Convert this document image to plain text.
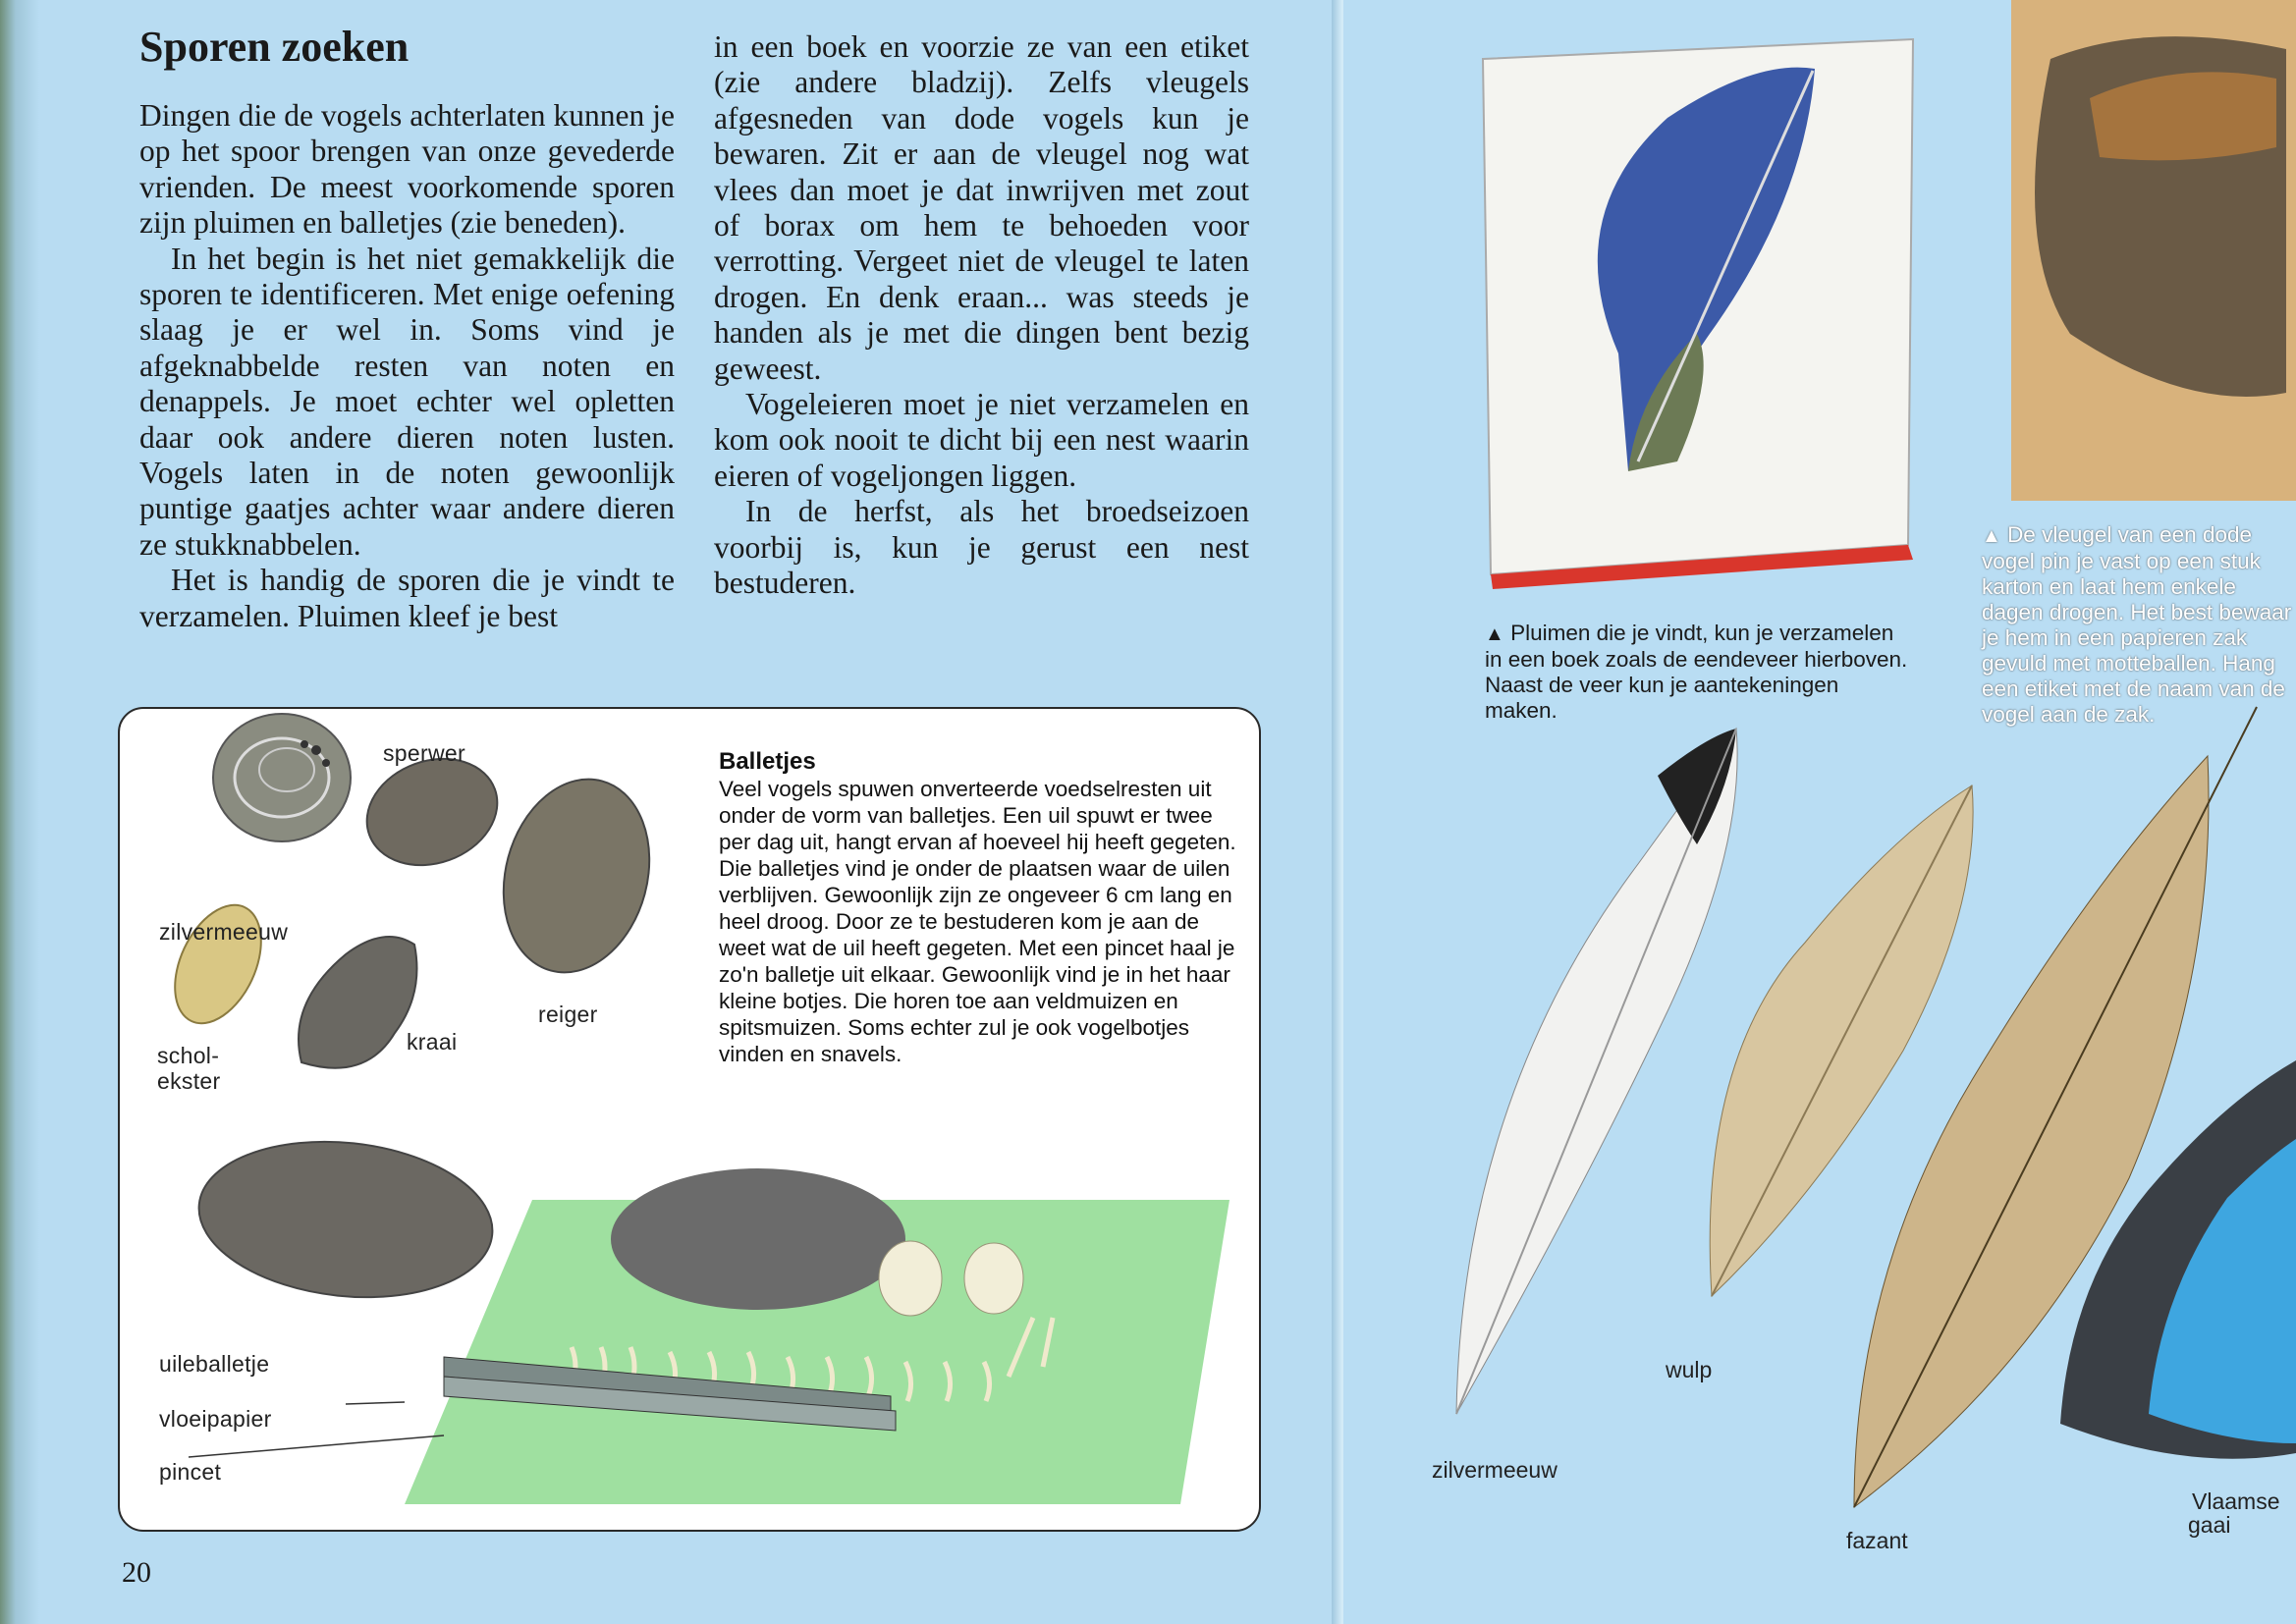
Sporen zoeken

Dingen die de vogels achterlaten kunnen je op het spoor brengen van onze gevederde vrienden. De meest voorkomende sporen zijn pluimen en balletjes (zie beneden).

In het begin is het niet gemakkelijk die sporen te identificeren. Met enige oefening slaag je er wel in. Soms vind je afgeknabbelde resten van noten en denappels. Je moet echter wel opletten daar ook andere dieren noten lusten. Vogels laten in de noten gewoonlijk puntige gaatjes achter waar andere dieren ze stukknabbelen.

Het is handig de sporen die je vindt te verzamelen. Pluimen kleef je best

in een boek en voorzie ze van een etiket (zie andere bladzij). Zelfs vleugels afgesneden van dode vogels kun je bewaren. Zit er aan de vleugel nog wat vlees dan moet je dat inwrijven met zout of borax om hem te behoeden voor verrotting. Vergeet niet de vleugel te laten drogen. En denk eraan... was steeds je handen als je met die dingen bent bezig geweest.

Vogeleieren moet je niet verzamelen en kom ook nooit te dicht bij een nest waarin eieren of vogeljongen liggen.

In de herfst, als het broedseizoen voorbij is, kun je gerust een nest bestuderen.

sperwer
zilvermeeuw
reiger
kraai
schol-
ekster
uileballetje
vloeipapier
pincet
Balletjes
Veel vogels spuwen onverteerde voedselresten uit onder de vorm van balletjes. Een uil spuwt er twee per dag uit, hangt ervan af hoeveel hij heeft gegeten. Die balletjes vind je onder de plaatsen waar de uilen verblijven. Gewoonlijk zijn ze ongeveer 6 cm lang en heel droog. Door ze te bestuderen kom je aan de weet wat de uil heeft gegeten. Met een pincet haal je zo'n balletje uit elkaar. Gewoonlijk vind je in het haar kleine botjes. Die horen toe aan veldmuizen en spitsmuizen. Soms echter zul je ook vogelbotjes vinden en snavels.
20
▲ Pluimen die je vindt, kun je verzamelen in een boek zoals de eendeveer hierboven. Naast de veer kun je aantekeningen maken.
▲ De vleugel van een dode vogel pin je vast op een stuk karton en laat hem enkele dagen drogen. Het best bewaar je hem in een papieren zak gevuld met motteballen. Hang een etiket met de naam van de vogel aan de zak.
zilvermeeuw
wulp
fazant
Vlaamse
gaai
